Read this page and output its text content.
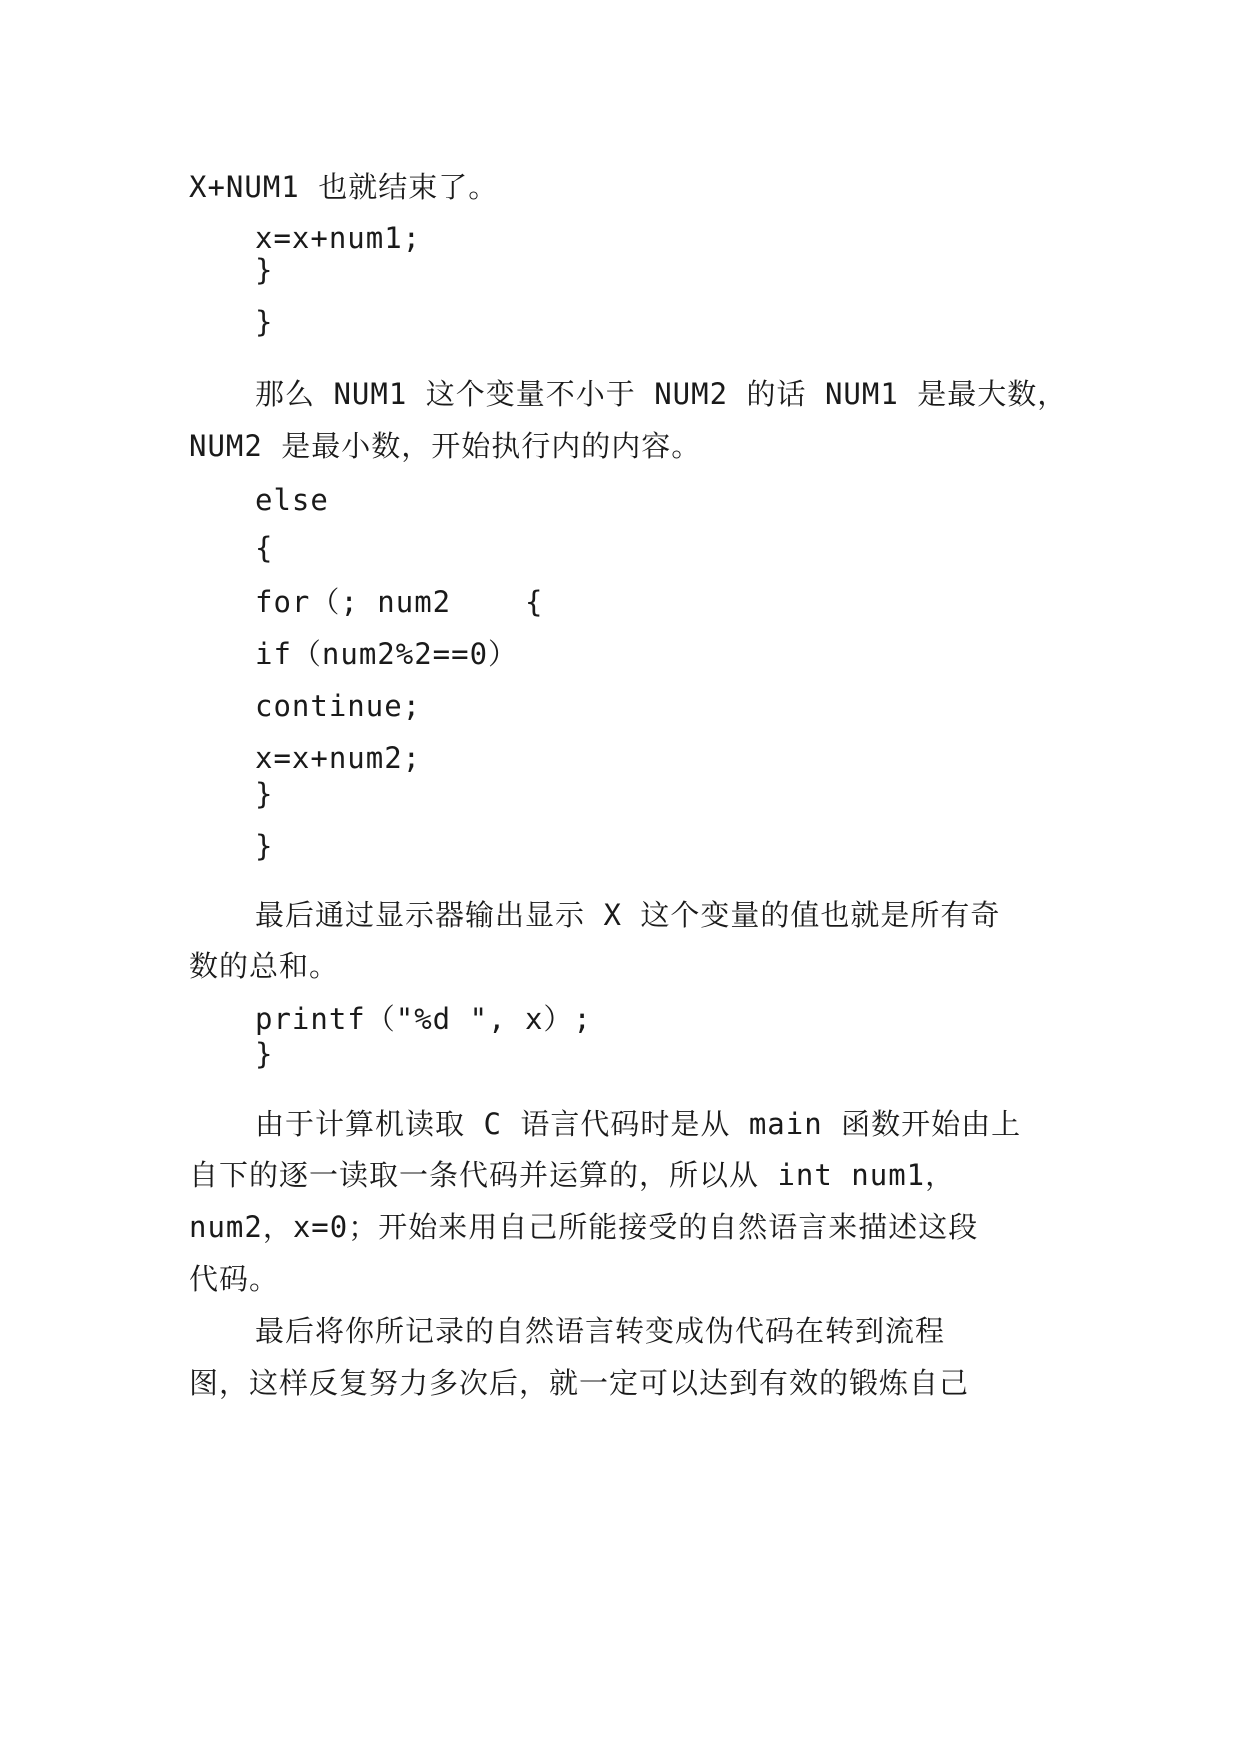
X+NUM1 也就结束了。
x=x+num1;
}
}
那么 NUM1 这个变量不小于 NUM2 的话 NUM1 是最大数，
NUM2 是最小数，开始执行内的内容。
else
{
for（; num2    {
if（num2%2==0）
continue;
x=x+num2;
}
}
最后通过显示器输出显示 X 这个变量的值也就是所有奇
数的总和。
printf（"%d ", x）;
}
由于计算机读取 C 语言代码时是从 main 函数开始由上
自下的逐一读取一条代码并运算的，所以从 int num1，
num2，x=0；开始来用自己所能接受的自然语言来描述这段
代码。
最后将你所记录的自然语言转变成伪代码在转到流程
图，这样反复努力多次后，就一定可以达到有效的锻炼自己
